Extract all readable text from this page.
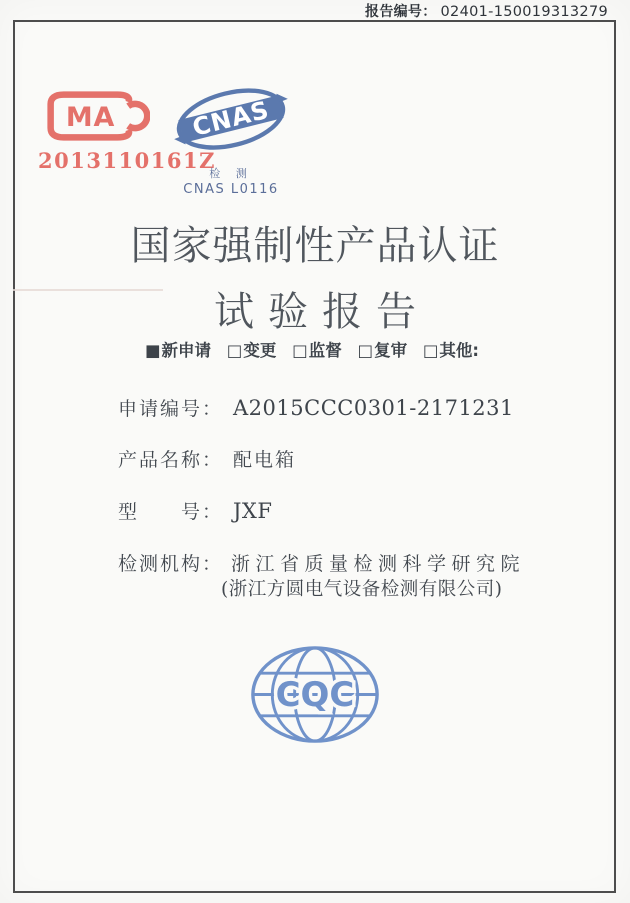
报告编号： 02401-150019313279
MA
2013110161Z
CNAS
检 测
CNAS L0116
国家强制性产品认证
试验报告
■新申请 □变更 □监督 □复审 □其他:
申请编号： A2015CCC0301-2171231
产品名称： 配电箱
型　　号： JXF
检测机构： 浙江省质量检测科学研究院
(浙江方圆电气设备检测有限公司)
CQC
